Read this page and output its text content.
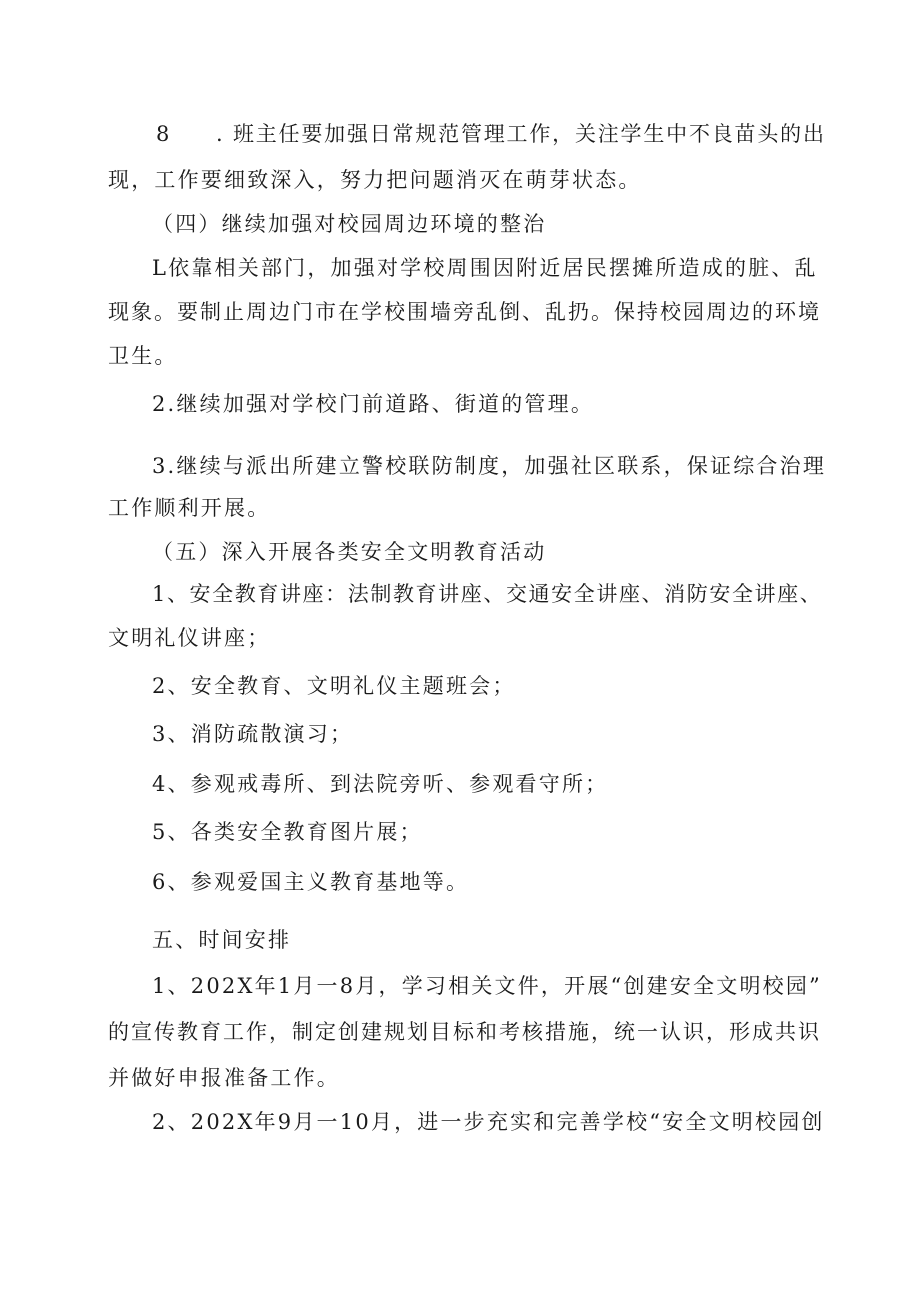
8 . 班主任要加强日常规范管理工作，关注学生中不良苗头的出
现，工作要细致深入，努力把问题消灭在萌芽状态。
（四）继续加强对校园周边环境的整治
L依靠相关部门，加强对学校周围因附近居民摆摊所造成的脏、乱
现象。要制止周边门市在学校围墙旁乱倒、乱扔。保持校园周边的环境
卫生。
2.继续加强对学校门前道路、街道的管理。
3.继续与派出所建立警校联防制度，加强社区联系，保证综合治理
工作顺利开展。
（五）深入开展各类安全文明教育活动
1、安全教育讲座：法制教育讲座、交通安全讲座、消防安全讲座、
文明礼仪讲座；
2、安全教育、文明礼仪主题班会；
3、消防疏散演习；
4、参观戒毒所、到法院旁听、参观看守所；
5、各类安全教育图片展；
6、参观爱国主义教育基地等。
五、时间安排
1、202X年1月一8月，学习相关文件，开展“创建安全文明校园”
的宣传教育工作，制定创建规划目标和考核措施，统一认识，形成共识
并做好申报准备工作。
2、202X年9月一10月，进一步充实和完善学校“安全文明校园创
